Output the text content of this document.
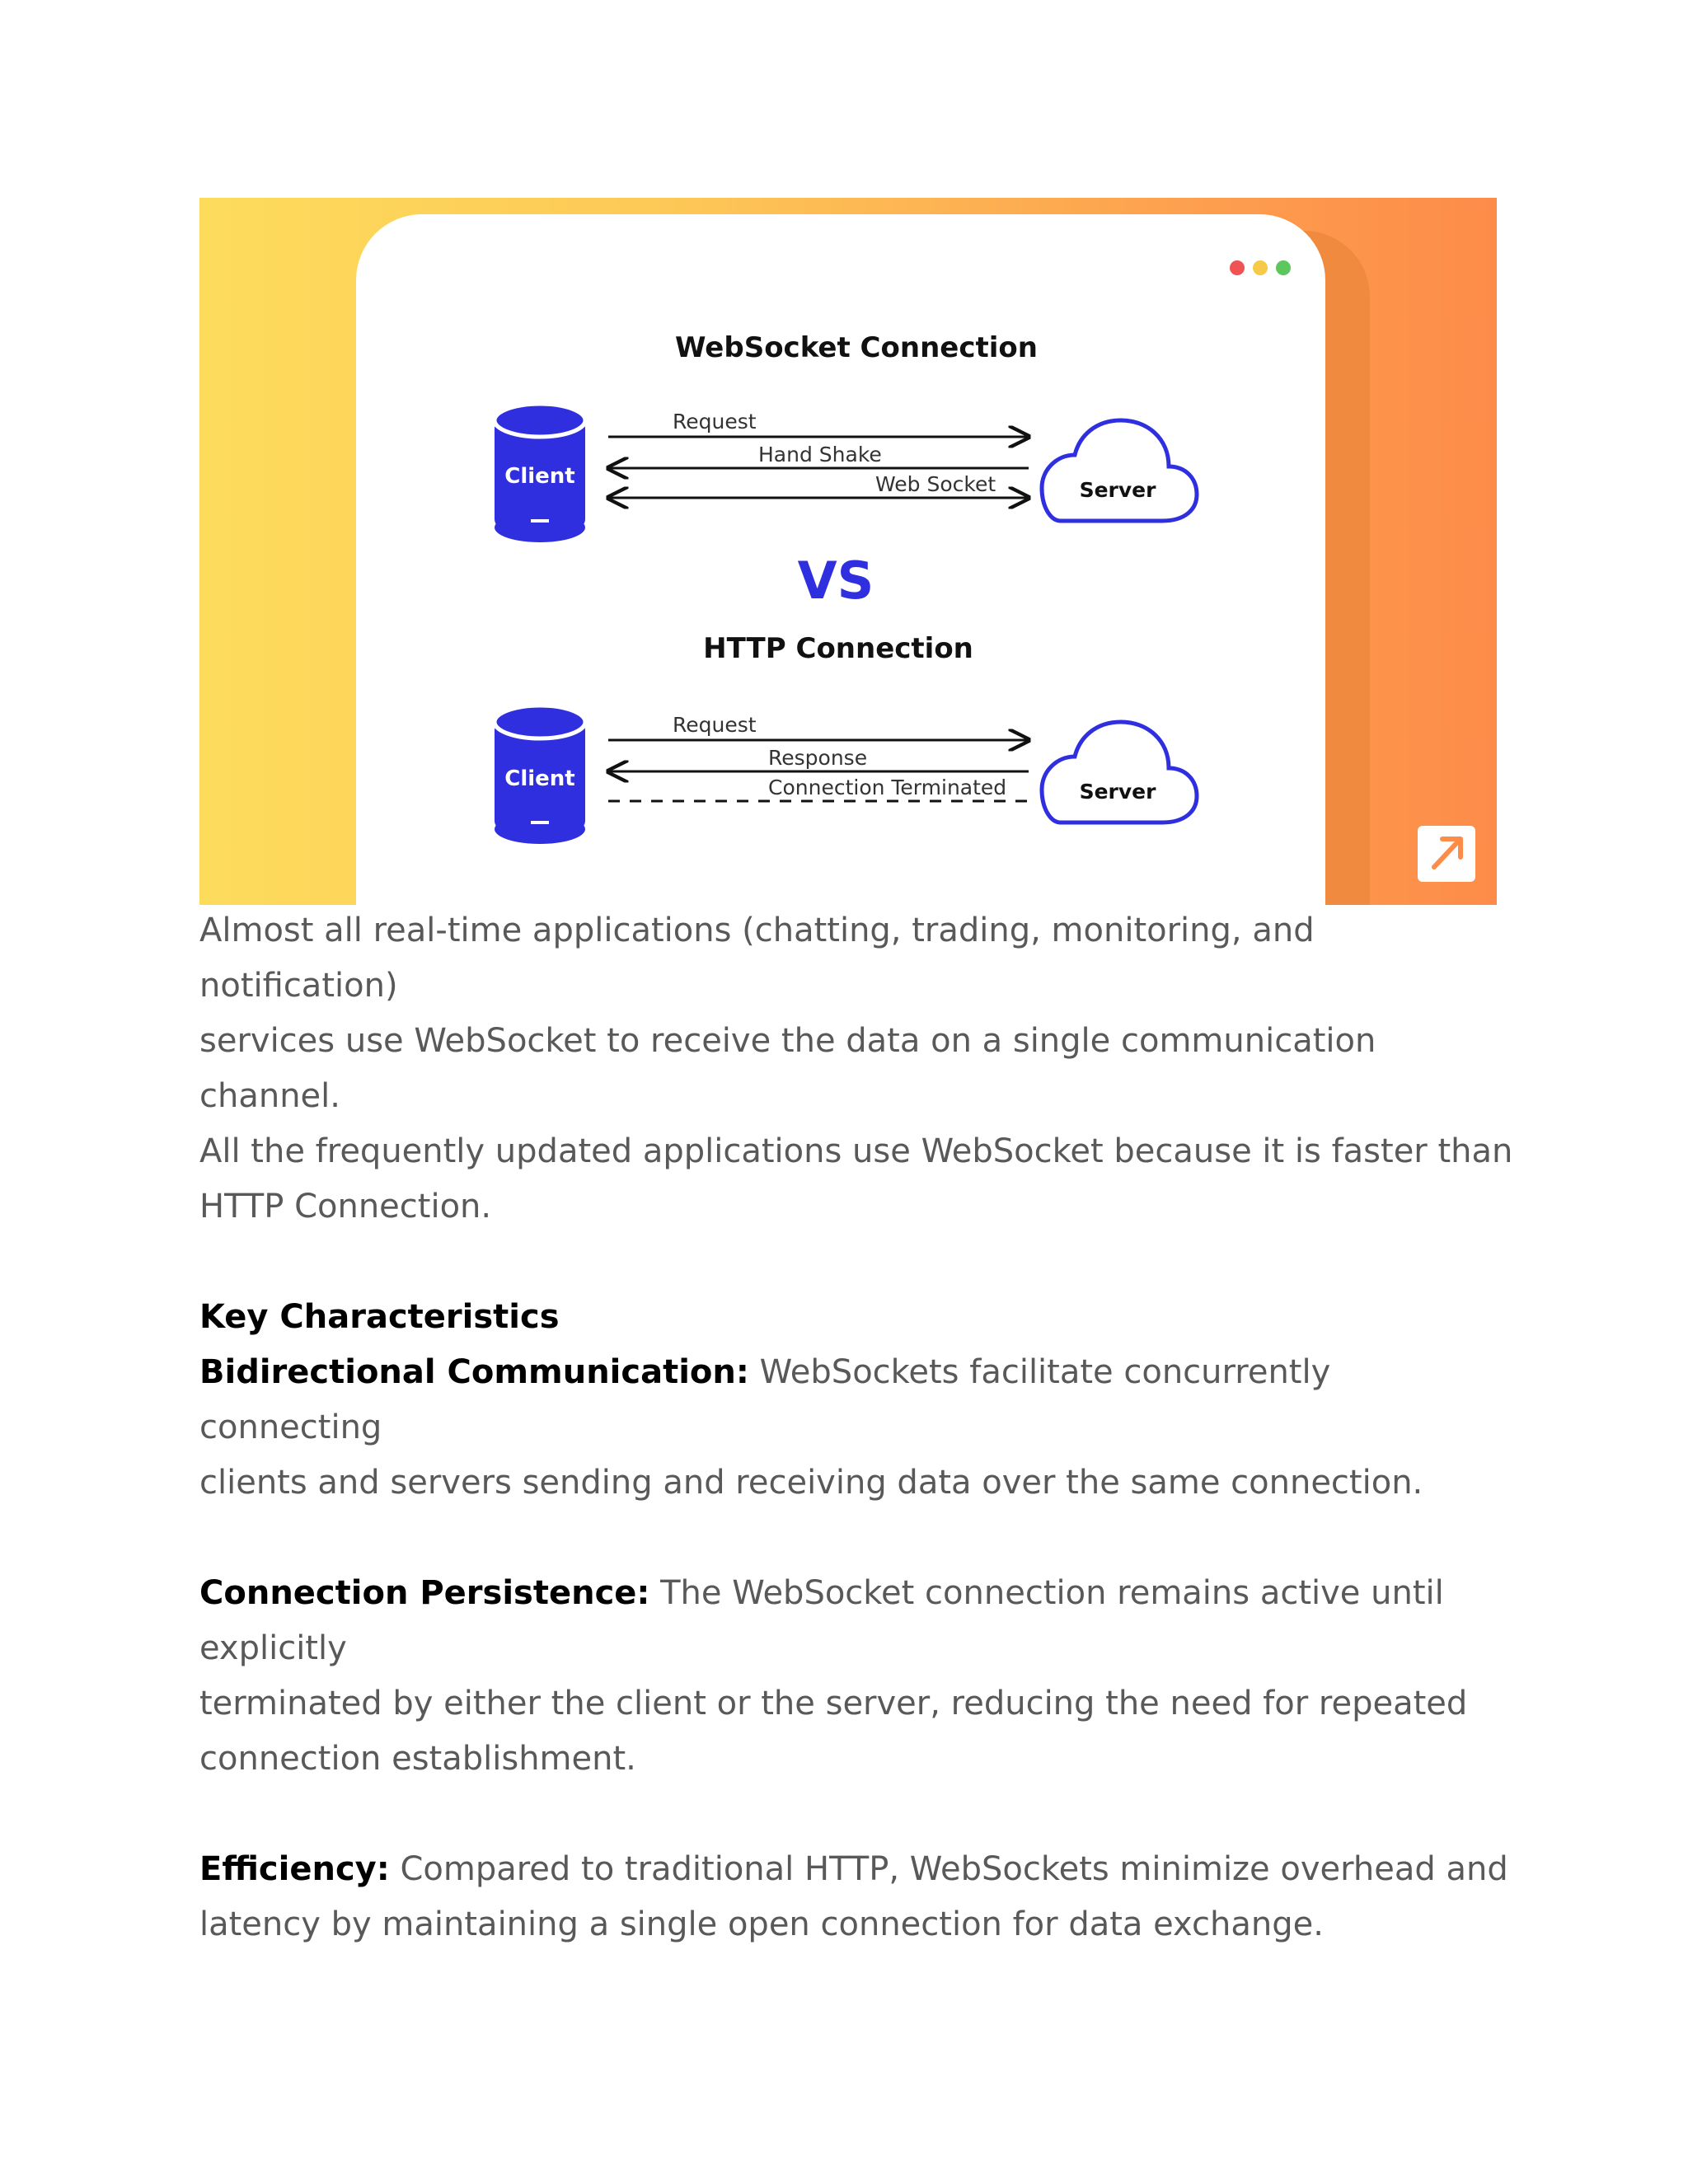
WebSocket Connection
Client
Request
Hand Shake
Web Socket	Server
VS
HTTP Connection
Client
Request
Response
Connection Terminated	Server

Almost all real-time applications (chatting, trading, monitoring, and notification)

services use WebSocket to receive the data on a single communication channel.

All the frequently updated applications use WebSocket because it is faster than

HTTP Connection.

Key Characteristics

Bidirectional Communication: WebSockets facilitate concurrently connecting

clients and servers sending and receiving data over the same connection.

Connection Persistence: The WebSocket connection remains active until explicitly

terminated by either the client or the server, reducing the need for repeated

connection establishment.

Efficiency: Compared to traditional HTTP, WebSockets minimize overhead and

latency by maintaining a single open connection for data exchange.
